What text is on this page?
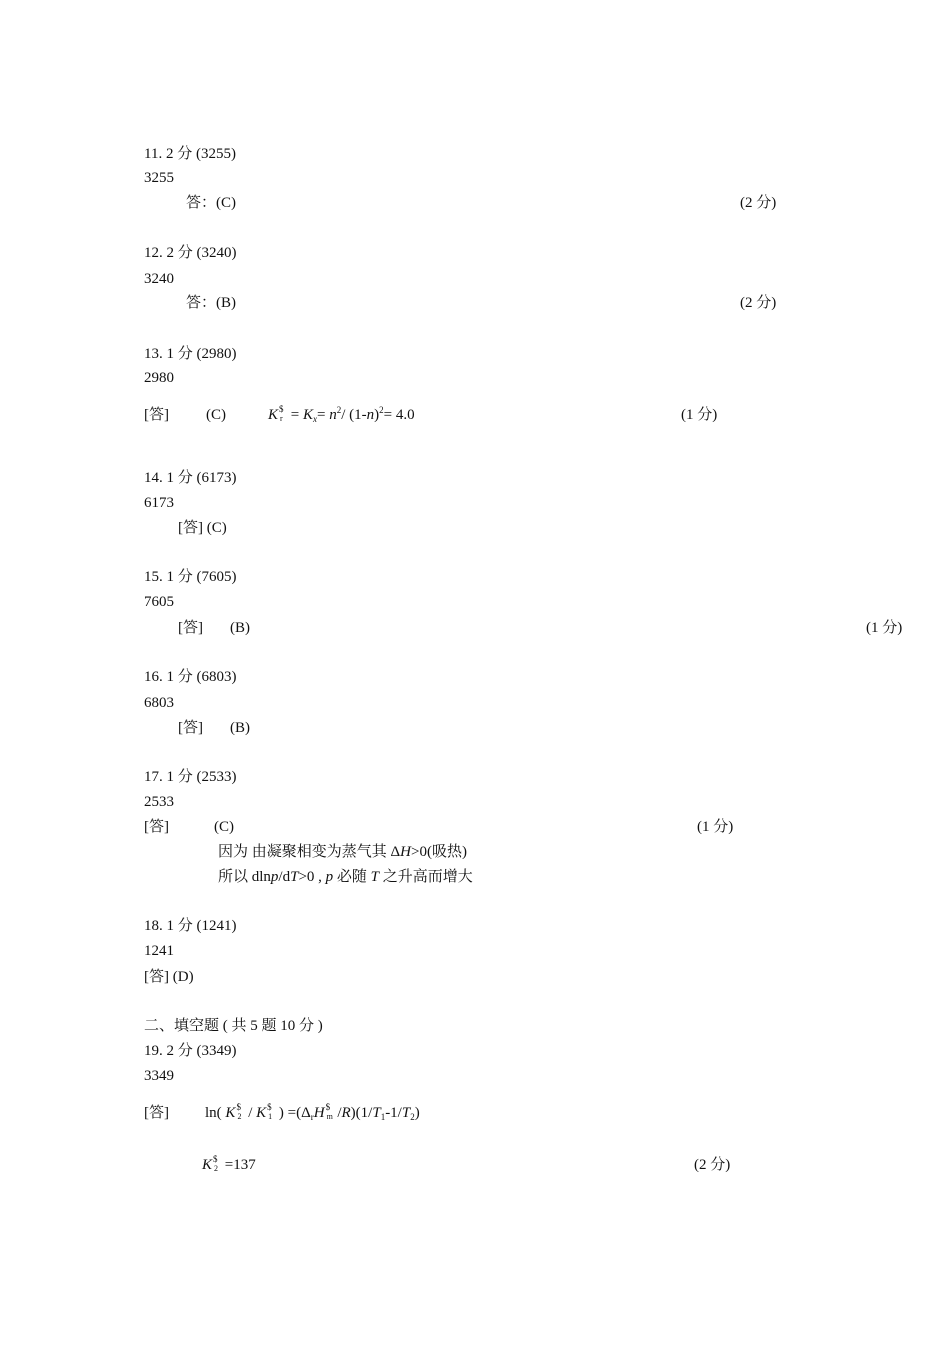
11. 2 分 (3255)
3255
答：(C)	(2 分)
12. 2 分 (3240)
3240
答：(B)	(2 分)
13. 1 分 (2980)
2980
[答] (C)	K $
$r = K_x= n^2/$ $(1-n)^2= 4.0$	(1 分)
14. 1 分 (6173)
6173
[答] (C)
15. 1 分 (7605)
7605
[答] (B)	(1 分)
16. 1 分 (6803)
6803
[答] (B)
17. 1 分 (2533)
2533
[答]	(C)	(1 分)
因为 由凝聚相变为蒸气其 ΔH>0(吸热)
所以 dlnp/dT>0 , p 必随 T 之升高而增大
18. 1 分 (1241)
1241
[答] (D)
二、填空题 ( 共 5 题 10 分 )
19. 2 分 (3349)
3349
[答] ln( K $
2 / K $
1 ) $=(\Delta_rH$ $
m $/R)(1/T_1-1/T_2)$
K $
2 =137	(2 分)
